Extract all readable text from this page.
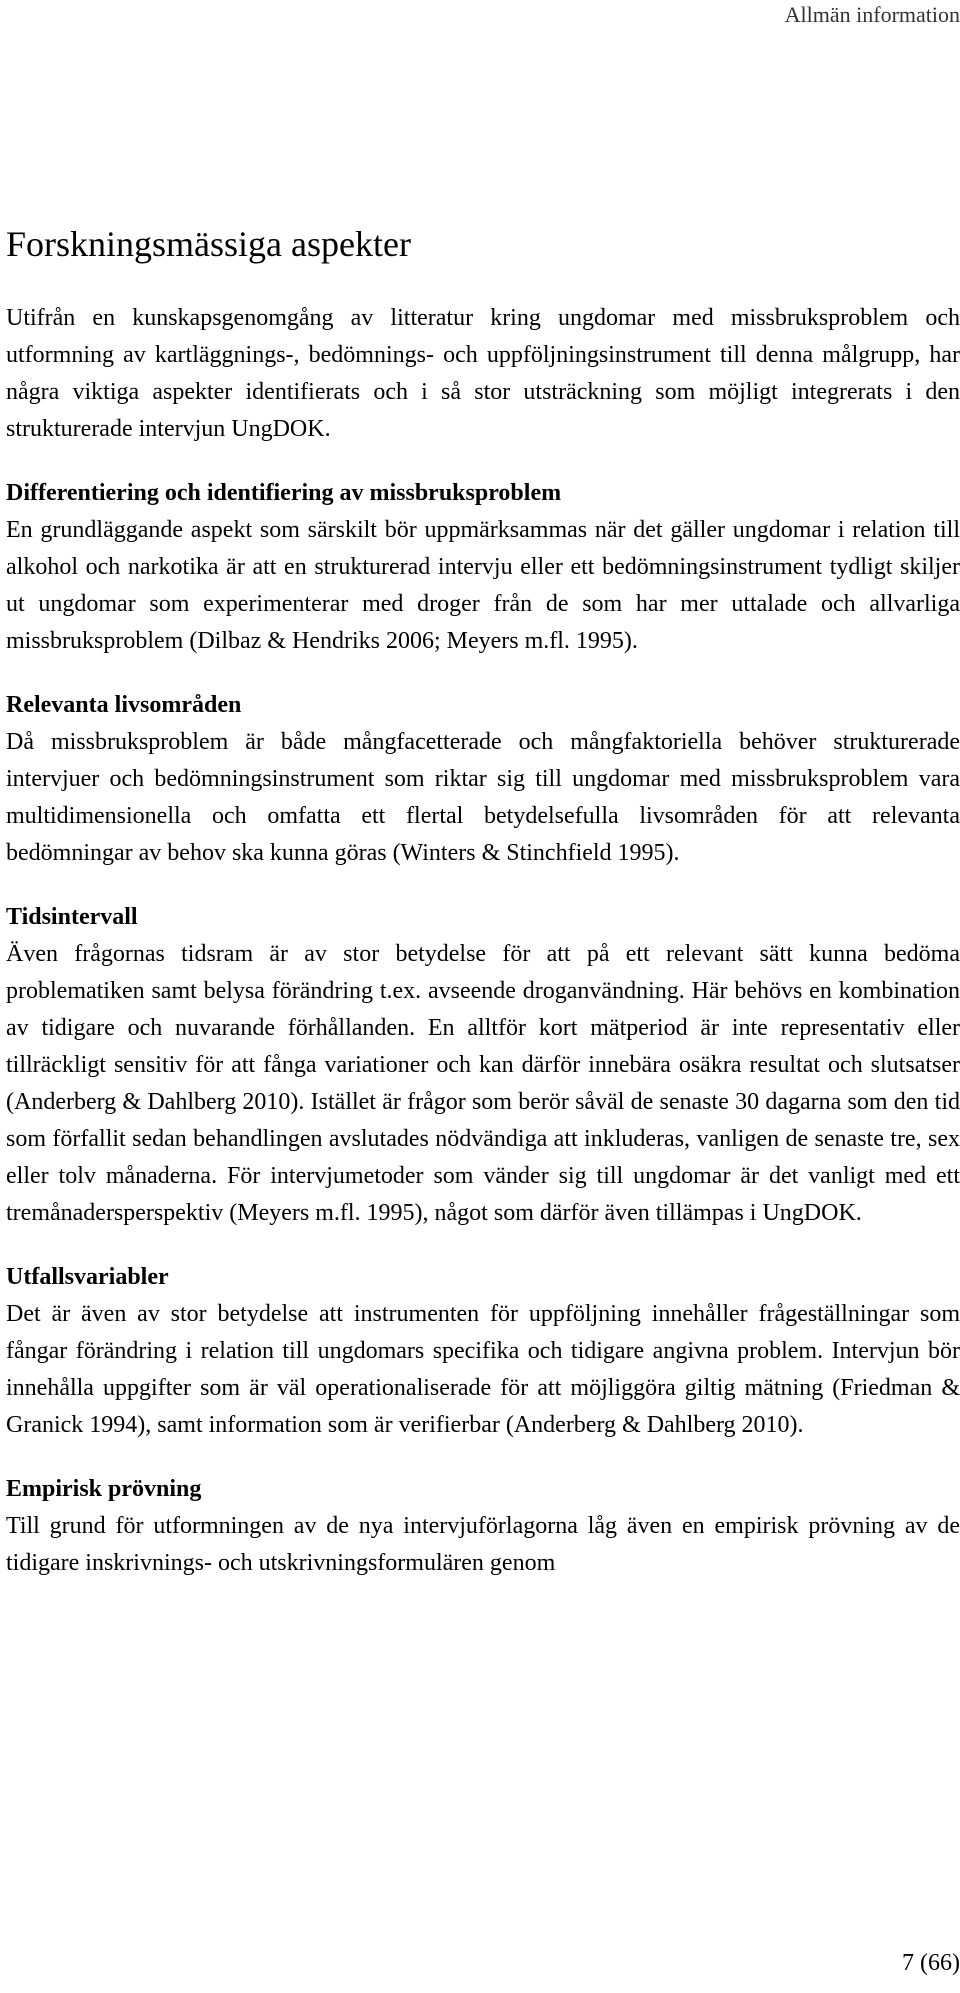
Allmän information
Forskningsmässiga aspekter

Utifrån en kunskapsgenomgång av litteratur kring ungdomar med missbruksproblem och utformning av kartläggnings-, bedömnings- och uppföljningsinstrument till denna målgrupp, har några viktiga aspekter identifierats och i så stor utsträckning som möjligt integrerats i den strukturerade intervjun UngDOK.

Differentiering och identifiering av missbruksproblem

En grundläggande aspekt som särskilt bör uppmärksammas när det gäller ungdomar i relation till alkohol och narkotika är att en strukturerad intervju eller ett bedömningsinstrument tydligt skiljer ut ungdomar som experimenterar med droger från de som har mer uttalade och allvarliga missbruksproblem (Dilbaz & Hendriks 2006; Meyers m.fl. 1995).

Relevanta livsområden

Då missbruksproblem är både mångfacetterade och mångfaktoriella behöver strukturerade intervjuer och bedömningsinstrument som riktar sig till ungdomar med missbruksproblem vara multidimensionella och omfatta ett flertal betydelsefulla livsområden för att relevanta bedömningar av behov ska kunna göras (Winters & Stinchfield 1995).

Tidsintervall

Även frågornas tidsram är av stor betydelse för att på ett relevant sätt kunna bedöma problematiken samt belysa förändring t.ex. avseende droganvändning. Här behövs en kombination av tidigare och nuvarande förhållanden. En alltför kort mätperiod är inte representativ eller tillräckligt sensitiv för att fånga variationer och kan därför innebära osäkra resultat och slutsatser (Anderberg & Dahlberg 2010). Istället är frågor som berör såväl de senaste 30 dagarna som den tid som förfallit sedan behandlingen avslutades nödvändiga att inkluderas, vanligen de senaste tre, sex eller tolv månaderna. För intervjumetoder som vänder sig till ungdomar är det vanligt med ett tremånadersperspektiv (Meyers m.fl. 1995), något som därför även tillämpas i UngDOK.

Utfallsvariabler

Det är även av stor betydelse att instrumenten för uppföljning innehåller frågeställningar som fångar förändring i relation till ungdomars specifika och tidigare angivna problem. Intervjun bör innehålla uppgifter som är väl operationaliserade för att möjliggöra giltig mätning (Friedman & Granick 1994), samt information som är verifierbar (Anderberg & Dahlberg 2010).

Empirisk prövning

Till grund för utformningen av de nya intervjuförlagorna låg även en empirisk prövning av de tidigare inskrivnings- och utskrivningsformulären genom

7 (66)
